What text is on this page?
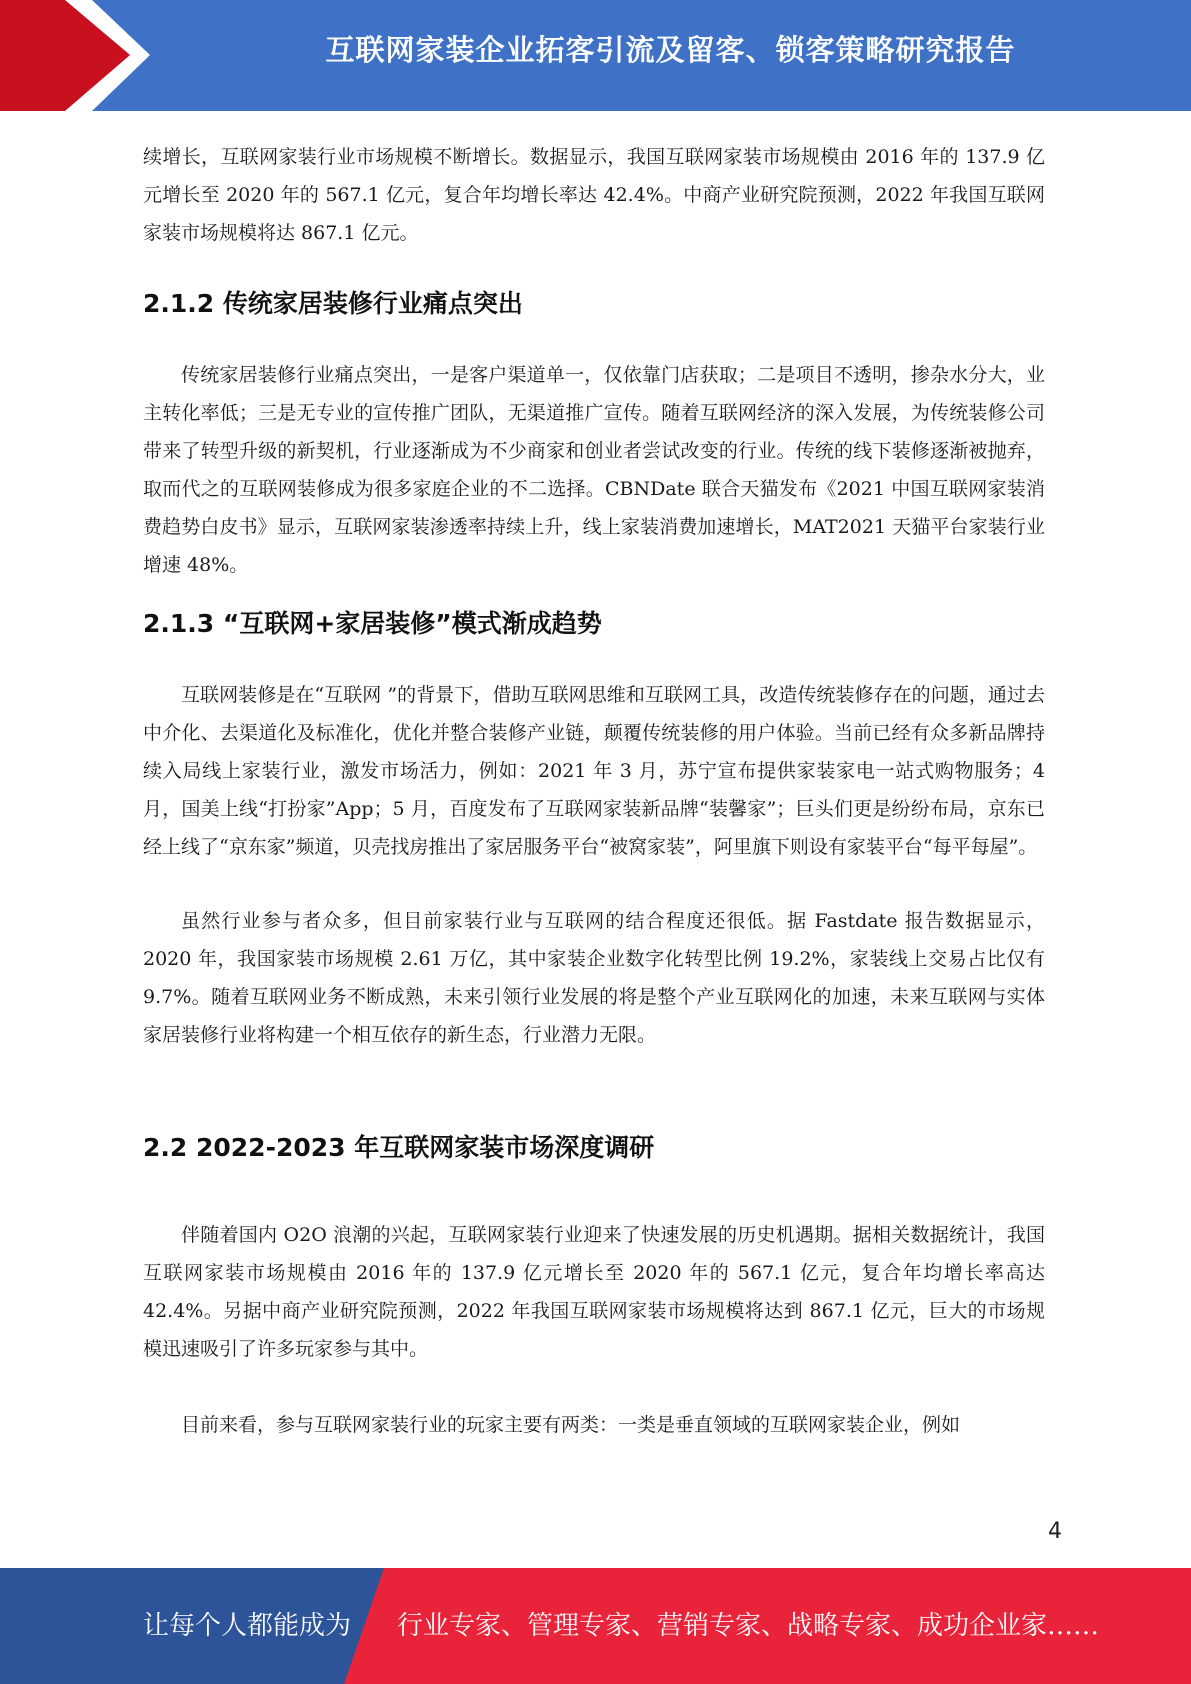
互联网家装企业拓客引流及留客、锁客策略研究报告

续增长，互联网家装行业市场规模不断增长。数据显示，我国互联网家装市场规模由 2016 年的 137.9 亿元增长至 2020 年的 567.1 亿元，复合年均增长率达 42.4%。中商产业研究院预测，2022 年我国互联网家装市场规模将达 867.1 亿元。

2.1.2 传统家居装修行业痛点突出

传统家居装修行业痛点突出，一是客户渠道单一，仅依靠门店获取；二是项目不透明，掺杂水分大，业主转化率低；三是无专业的宣传推广团队，无渠道推广宣传。随着互联网经济的深入发展，为传统装修公司带来了转型升级的新契机，行业逐渐成为不少商家和创业者尝试改变的行业。传统的线下装修逐渐被抛弃，取而代之的互联网装修成为很多家庭企业的不二选择。CBNDate 联合天猫发布《2021 中国互联网家装消费趋势白皮书》显示，互联网家装渗透率持续上升，线上家装消费加速增长，MAT2021 天猫平台家装行业增速 48%。

2.1.3 “互联网+家居装修”模式渐成趋势

互联网装修是在“互联网 ”的背景下，借助互联网思维和互联网工具，改造传统装修存在的问题，通过去中介化、去渠道化及标准化，优化并整合装修产业链，颠覆传统装修的用户体验。当前已经有众多新品牌持续入局线上家装行业，激发市场活力，例如：2021 年 3 月，苏宁宣布提供家装家电一站式购物服务；4 月，国美上线“打扮家”App；5 月，百度发布了互联网家装新品牌“装馨家”；巨头们更是纷纷布局，京东已经上线了“京东家”频道，贝壳找房推出了家居服务平台“被窝家装”，阿里旗下则设有家装平台“每平每屋”。

虽然行业参与者众多，但目前家装行业与互联网的结合程度还很低。据 Fastdate 报告数据显示，2020 年，我国家装市场规模 2.61 万亿，其中家装企业数字化转型比例 19.2%，家装线上交易占比仅有 9.7%。随着互联网业务不断成熟，未来引领行业发展的将是整个产业互联网化的加速，未来互联网与实体家居装修行业将构建一个相互依存的新生态，行业潜力无限。

2.2 2022-2023 年互联网家装市场深度调研

伴随着国内 O2O 浪潮的兴起，互联网家装行业迎来了快速发展的历史机遇期。据相关数据统计，我国互联网家装市场规模由 2016 年的 137.9 亿元增长至 2020 年的 567.1 亿元，复合年均增长率高达 42.4%。另据中商产业研究院预测，2022 年我国互联网家装市场规模将达到 867.1 亿元，巨大的市场规模迅速吸引了许多玩家参与其中。

目前来看，参与互联网家装行业的玩家主要有两类：一类是垂直领域的互联网家装企业，例如

4
让每个人都能成为 行业专家、管理专家、营销专家、战略专家、成功企业家……
